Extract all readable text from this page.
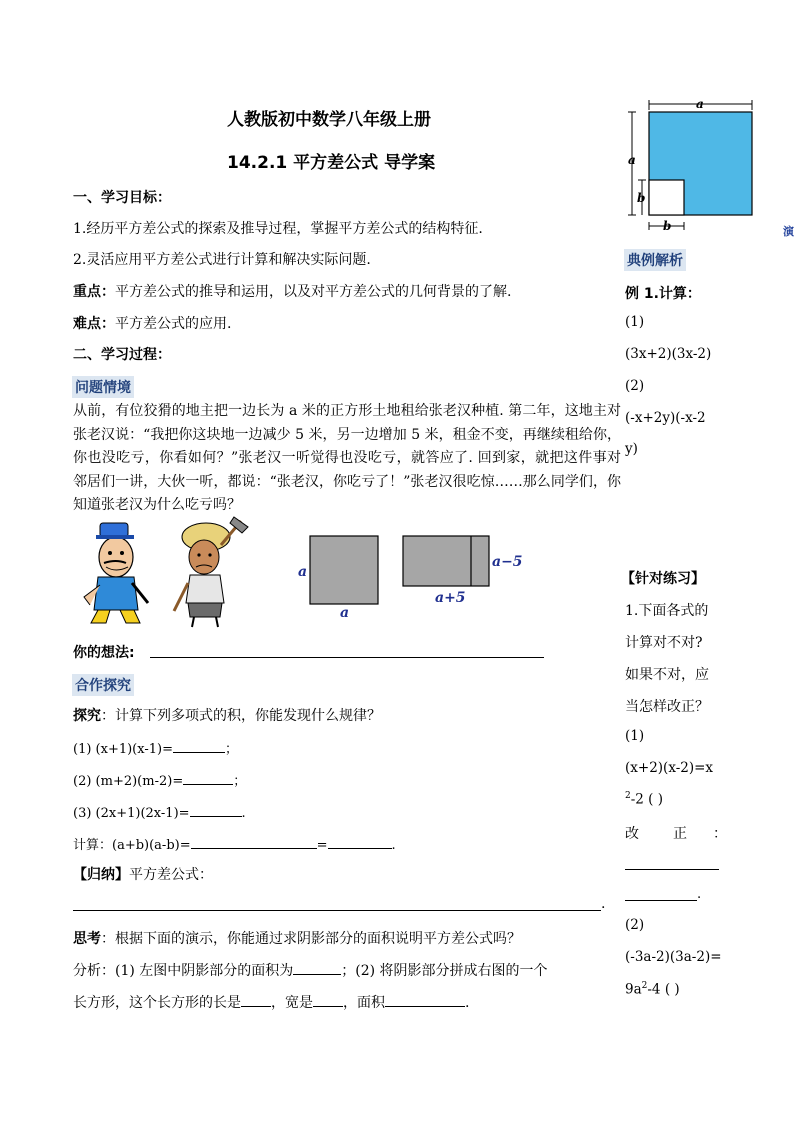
人教版初中数学八年级上册
14.2.1 平方差公式 导学案
一、学习目标：
1.经历平方差公式的探索及推导过程，掌握平方差公式的结构特征.
2.灵活应用平方差公式进行计算和解决实际问题.
重点：平方差公式的推导和运用，以及对平方差公式的几何背景的了解.
难点：平方差公式的应用.
二、学习过程：
问题情境
从前，有位狡猾的地主把一边长为 a 米的正方形土地租给张老汉种植. 第二年，这地主对张老汉说：“我把你这块地一边减少 5 米，另一边增加 5 米，租金不变，再继续租给你，你也没吃亏，你看如何？”张老汉一听觉得也没吃亏，就答应了. 回到家，就把这件事对邻居们一讲，大伙一听，都说：“张老汉，你吃亏了！”张老汉很吃惊……那么同学们，你知道张老汉为什么吃亏吗？
a
a
a−5
a+5
你的想法:
合作探究
探究：计算下列多项式的积，你能发现什么规律？
(1) (x+1)(x-1)=	；
(2) (m+2)(m-2)=	；
(3) (2x+1)(2x-1)=	.
计算：(a+b)(a-b)=	=	.
【归纳】平方差公式：
.
思考：根据下面的演示，你能通过求阴影部分的面积说明平方差公式吗？
分析：(1) 左图中阴影部分的面积为	；(2) 将阴影部分拼成右图的一个
长方形，这个长方形的长是 ，宽是 ，面积	.
a
a
b
b	演
典例解析
例 1.计算：
(1)
(3x+2)(3x-2)
(2)
(-x+2y)(-x-2
y)
【针对练习】
1.下面各式的
计算对不对?
如果不对，应
当怎样改正？
(1)
(x+2)(x-2)=x
$^2$-2 ( )
改 正 ：
.
(2)
(-3a-2)(3a-2)=
$9a^2-4$ ( )
